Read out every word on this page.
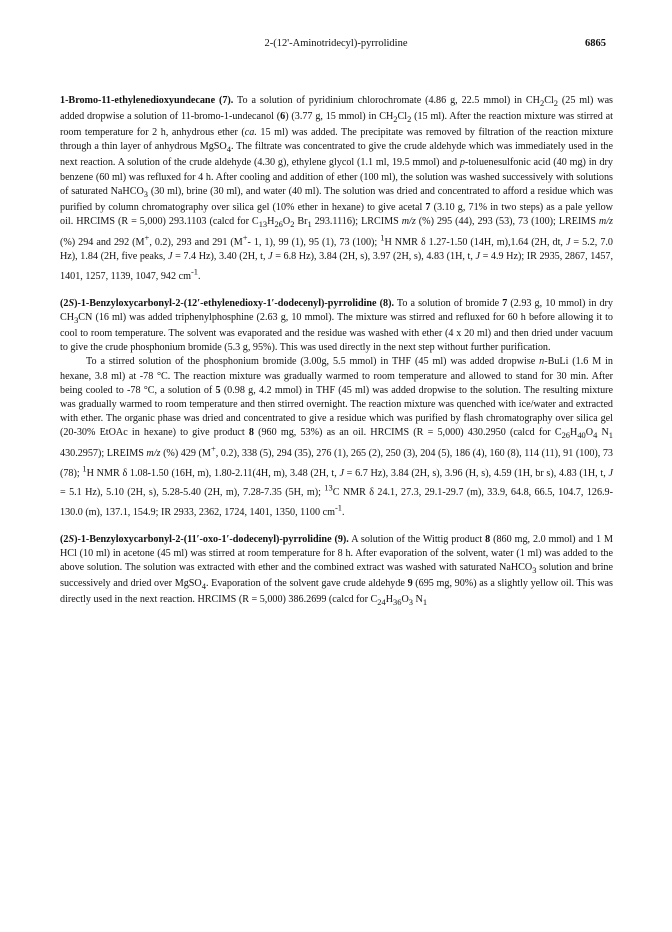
2-(12'-Aminotridecyl)-pyrrolidine	6865

1-Bromo-11-ethylenedioxyundecane (7). To a solution of pyridinium chlorochromate (4.86 g, 22.5 mmol) in $CH_2Cl_2$ (25 ml) was added dropwise a solution of 11-bromo-1-undecanol (6) (3.77 g, 15 mmol) in $CH_2Cl_2$ (15 ml). After the reaction mixture was stirred at room temperature for 2 h, anhydrous ether (ca. 15 ml) was added. The precipitate was removed by filtration of the reaction mixture through a thin layer of anhydrous MgSO$_4$. The filtrate was concentrated to give the crude aldehyde which was immediately used in the next reaction. A solution of the crude aldehyde (4.30 g), ethylene glycol (1.1 ml, 19.5 mmol) and p-toluenesulfonic acid (40 mg) in dry benzene (60 ml) was refluxed for 4 h. After cooling and addition of ether (100 ml), the solution was washed successively with solutions of saturated NaHCO$_3$ (30 ml), brine (30 ml), and water (40 ml). The solution was dried and concentrated to afford a residue which was purified by column chromatography over silica gel (10% ether in hexane) to give acetal 7 (3.10 g, 71% in two steps) as a pale yellow oil. HRCIMS (R = 5,000) 293.1103 (calcd for $C_{13}H_{26}O_2$ $Br_1$ 293.1116); LRCIMS m/z (%) 295 (44), 293 (53), 73 (100); LREIMS m/z (%) 294 and 292 (M+, 0.2), 293 and 291 (M+- 1, 1), 99 (1), 95 (1), 73 (100); $^1$H NMR δ 1.27-1.50 (14H, m),1.64 (2H, dt, J = 5.2, 7.0 Hz), 1.84 (2H, five peaks, J = 7.4 Hz), 3.40 (2H, t, J = 6.8 Hz), 3.84 (2H, s), 3.97 (2H, s), 4.83 (1H, t, J = 4.9 Hz); IR 2935, 2867, 1457, 1401, 1257, 1139, 1047, 942 $cm^{-1}$.

(2S)-1-Benzyloxycarbonyl-2-(12′-ethylenedioxy-1′-dodecenyl)-pyrrolidine (8). To a solution of bromide 7 (2.93 g, 10 mmol) in dry $CH_3CN$ (16 ml) was added triphenylphosphine (2.63 g, 10 mmol). The mixture was stirred and refluxed for 60 h before allowing it to cool to room temperature. The solvent was evaporated and the residue was washed with ether (4 x 20 ml) and then dried under vacuum to give the crude phosphonium bromide (5.3 g, 95%). This was used directly in the next step without further purification.

To a stirred solution of the phosphonium bromide (3.00g, 5.5 mmol) in THF (45 ml) was added dropwise n-BuLi (1.6 M in hexane, 3.8 ml) at -78 °C. The reaction mixture was gradually warmed to room temperature and allowed to stand for 30 min. After being cooled to -78 °C, a solution of 5 (0.98 g, 4.2 mmol) in THF (45 ml) was added dropwise to the solution. The resulting mixture was gradually warmed to room temperature and then stirred overnight. The reaction mixture was quenched with ice/water and extracted with ether. The organic phase was dried and concentrated to give a residue which was purified by flash chromatography over silica gel (20-30% EtOAc in hexane) to give product 8 (960 mg, 53%) as an oil. HRCIMS (R = 5,000) 430.2950 (calcd for $C_{26}H_{40}O_4$ $N_1$ 430.2957); LREIMS m/z (%) 429 (M+, 0.2), 338 (5), 294 (35), 276 (1), 265 (2), 250 (3), 204 (5), 186 (4), 160 (8), 114 (11), 91 (100), 73 (78); $^1$H NMR δ 1.08-1.50 (16H, m), 1.80-2.11(4H, m), 3.48 (2H, t, J = 6.7 Hz), 3.84 (2H, s), 3.96 (H, s), 4.59 (1H, br s), 4.83 (1H, t, J = 5.1 Hz), 5.10 (2H, s), 5.28-5.40 (2H, m), 7.28-7.35 (5H, m); $^{13}$C NMR δ 24.1, 27.3, 29.1-29.7 (m), 33.9, 64.8, 66.5, 104.7, 126.9-130.0 (m), 137.1, 154.9; IR 2933, 2362, 1724, 1401, 1350, 1100 $cm^{-1}$.

(2S)-1-Benzyloxycarbonyl-2-(11′-oxo-1′-dodecenyl)-pyrrolidine (9). A solution of the Wittig product 8 (860 mg, 2.0 mmol) and 1 M HCl (10 ml) in acetone (45 ml) was stirred at room temperature for 8 h. After evaporation of the solvent, water (1 ml) was added to the above solution. The solution was extracted with ether and the combined extract was washed with saturated NaHCO$_3$ solution and brine successively and dried over MgSO$_4$. Evaporation of the solvent gave crude aldehyde 9 (695 mg, 90%) as a slightly yellow oil. This was directly used in the next reaction. HRCIMS (R = 5,000) 386.2699 (calcd for $C_{24}H_{36}O_3$ $N_1$
